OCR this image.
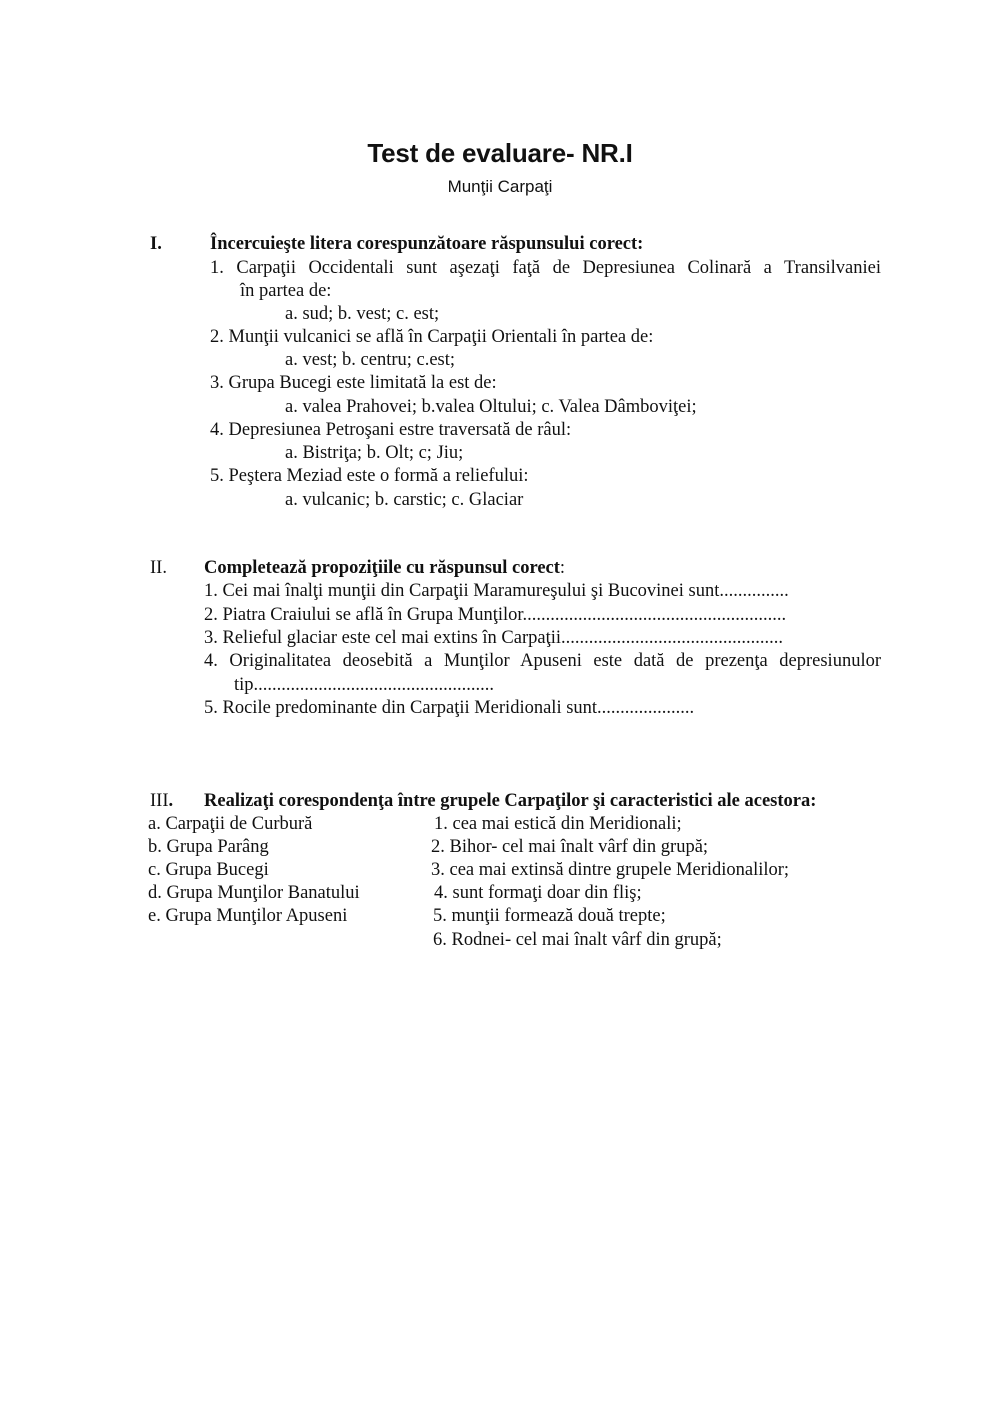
Test de evaluare- NR.I
Munţii Carpaţi
I.	Încercuieşte litera corespunzătoare răspunsului corect:
1. Carpaţii Occidentali sunt aşezaţi faţă de Depresiunea Colinară a Transilvaniei
în partea de:
a. sud; b. vest; c. est;
2. Munţii vulcanici se află în Carpaţii Orientali în partea de:
a. vest; b. centru; c.est;
3. Grupa Bucegi este limitată la est de:
a. valea Prahovei; b.valea Oltului; c. Valea Dâmboviţei;
4. Depresiunea Petroşani estre traversată de râul:
a. Bistriţa; b. Olt; c; Jiu;
5. Peştera Meziad este o formă a reliefului:
a. vulcanic; b. carstic; c. Glaciar
II. Completează propoziţiile cu răspunsul corect:
1. Cei mai înalţi munţii din Carpaţii Maramureşului şi Bucovinei sunt...............
2. Piatra Craiului se află în Grupa Munţilor.........................................................
3. Relieful glaciar este cel mai extins în Carpaţii................................................
4. Originalitatea deosebită a Munţilor Apuseni este dată de prezenţa depresiunulor
tip....................................................
5. Rocile predominante din Carpaţii Meridionali sunt.....................
III. Realizaţi corespondenţa între grupele Carpaţilor şi caracteristici ale acestora:
a. Carpaţii de Curbură
b. Grupa Parâng
c. Grupa Bucegi
d. Grupa Munţilor Banatului
e. Grupa Munţilor Apuseni
1. cea mai estică din Meridionali;
2. Bihor- cel mai înalt vârf din grupă;
3. cea mai extinsă dintre grupele Meridionalilor;
4. sunt formaţi doar din fliş;
5. munţii formează două trepte;
6. Rodnei- cel mai înalt vârf din grupă;
